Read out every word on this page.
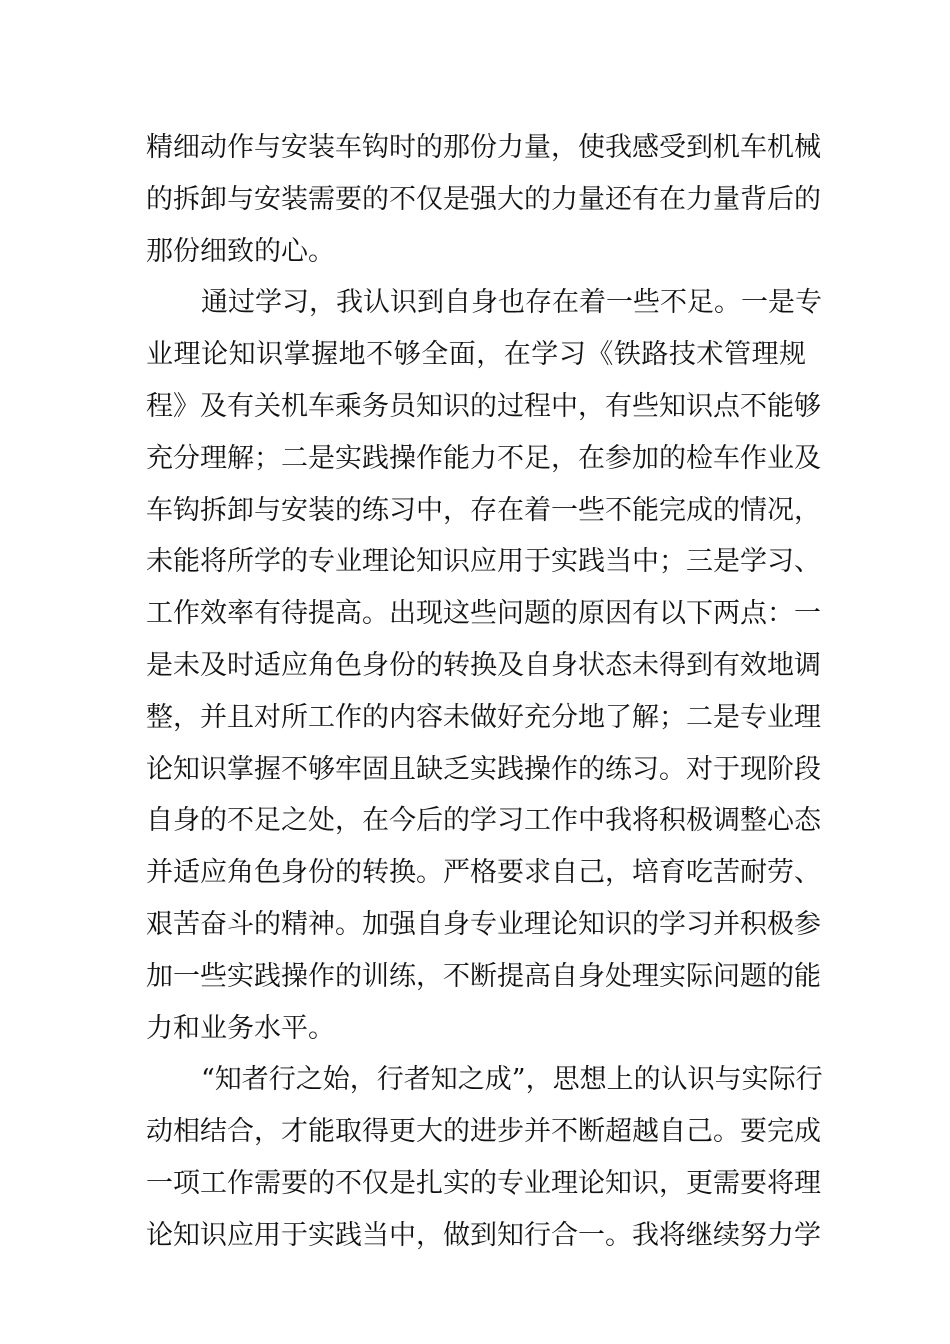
精细动作与安装车钩时的那份力量，使我感受到机车机械
的拆卸与安装需要的不仅是强大的力量还有在力量背后的
那份细致的心。
通过学习，我认识到自身也存在着一些不足。一是专
业理论知识掌握地不够全面，在学习《铁路技术管理规
程》及有关机车乘务员知识的过程中，有些知识点不能够
充分理解；二是实践操作能力不足，在参加的检车作业及
车钩拆卸与安装的练习中，存在着一些不能完成的情况，
未能将所学的专业理论知识应用于实践当中；三是学习、
工作效率有待提高。出现这些问题的原因有以下两点：一
是未及时适应角色身份的转换及自身状态未得到有效地调
整，并且对所工作的内容未做好充分地了解；二是专业理
论知识掌握不够牢固且缺乏实践操作的练习。对于现阶段
自身的不足之处，在今后的学习工作中我将积极调整心态
并适应角色身份的转换。严格要求自己，培育吃苦耐劳、
艰苦奋斗的精神。加强自身专业理论知识的学习并积极参
加一些实践操作的训练，不断提高自身处理实际问题的能
力和业务水平。
“知者行之始，行者知之成”，思想上的认识与实际行
动相结合，才能取得更大的进步并不断超越自己。要完成
一项工作需要的不仅是扎实的专业理论知识，更需要将理
论知识应用于实践当中，做到知行合一。我将继续努力学
